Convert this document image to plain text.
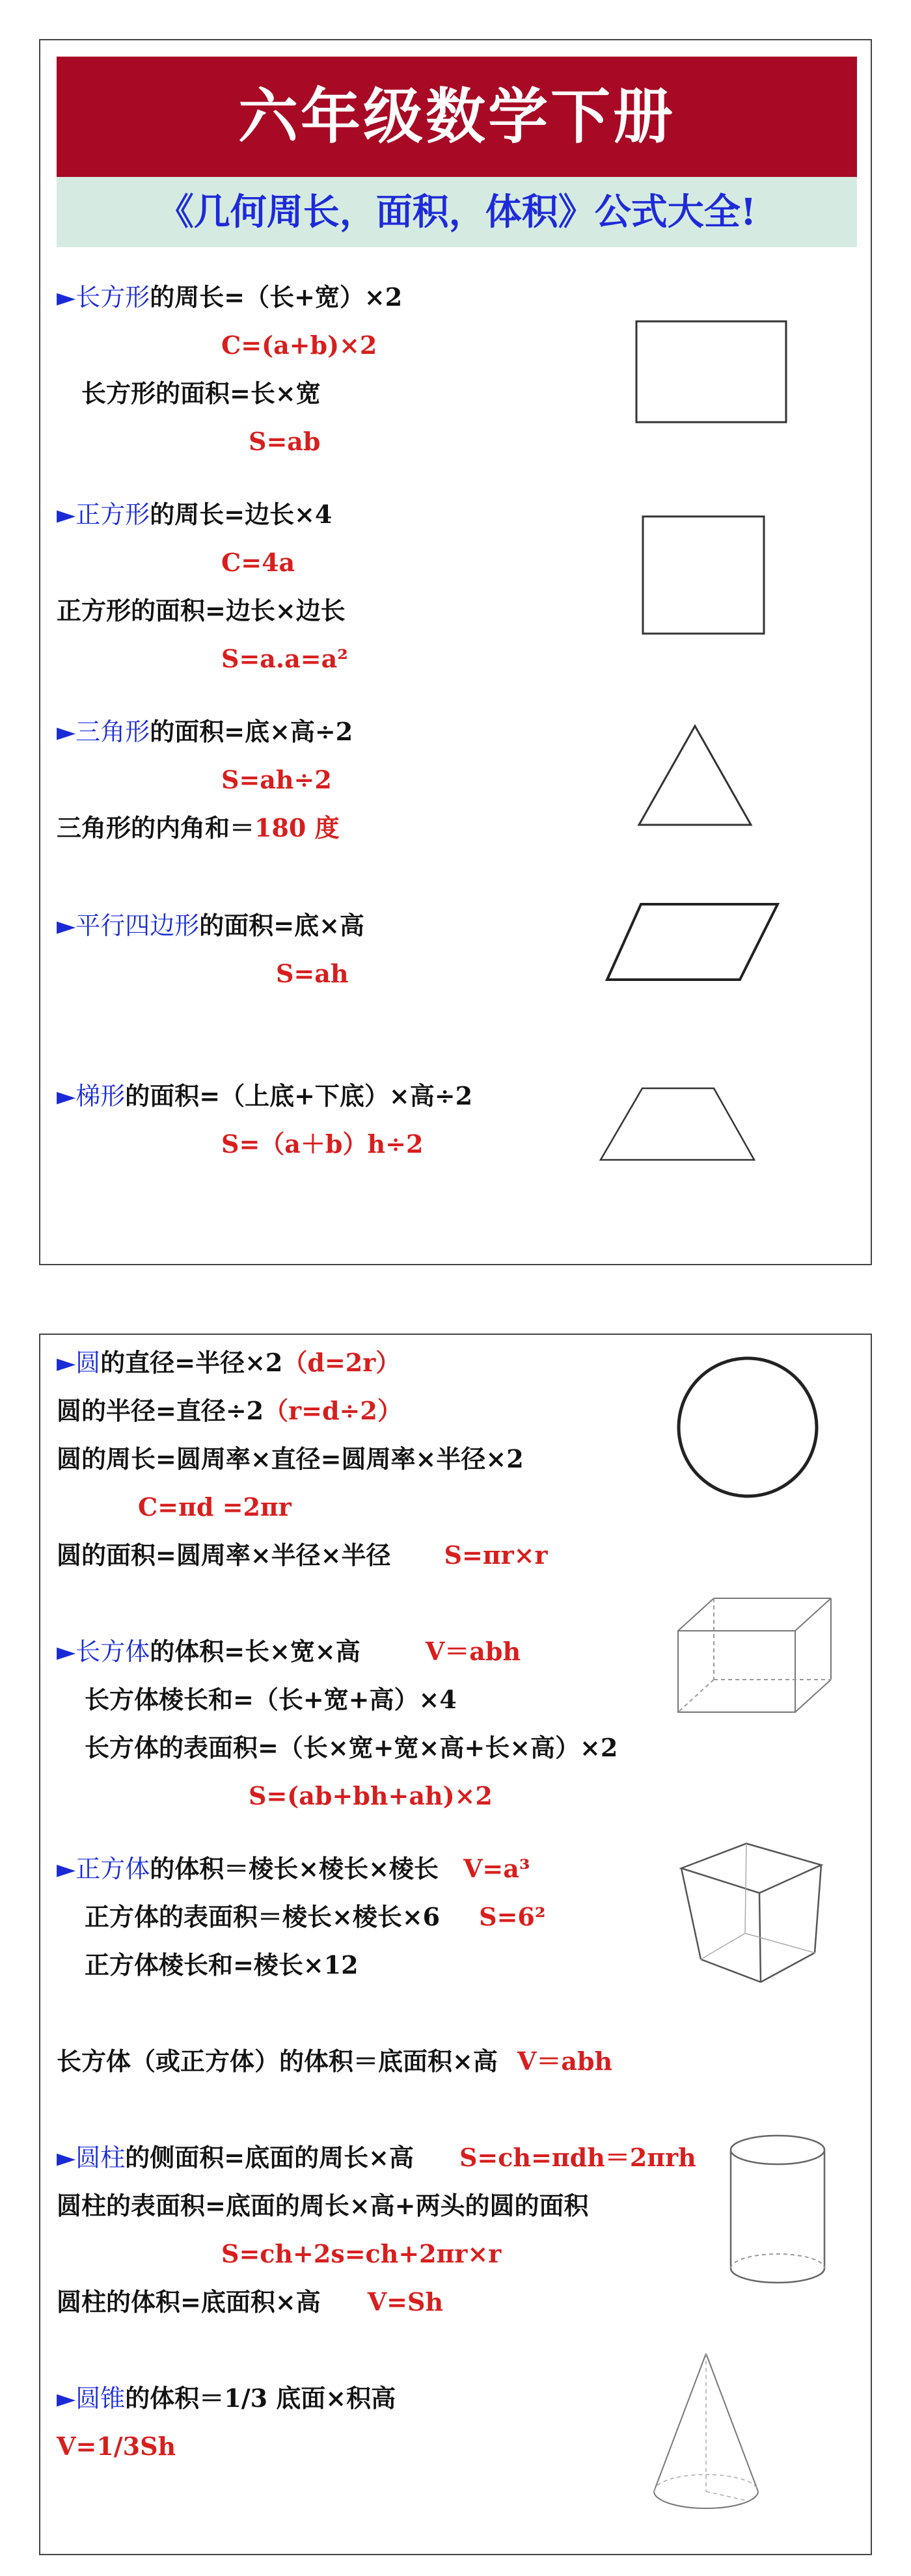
六年级数学下册
《几何周长，面积，体积》公式大全!
►长方形的周长=（长+宽）×2
C=(a+b)×2
长方形的面积=长×宽
S=ab
►正方形的周长=边长×4
C=4a
正方形的面积=边长×边长
S=a.a=a²
►三角形的面积=底×高÷2
S=ah÷2
三角形的内角和＝180 度
►平行四边形的面积=底×高
S=ah
►梯形的面积=（上底+下底）×高÷2
S=（a＋b）h÷2
►圆的直径=半径×2（d=2r）
圆的半径=直径÷2（r=d÷2）
圆的周长=圆周率×直径=圆周率×半径×2
C=πd =2πr
圆的面积=圆周率×半径×半径 S=πr×r
►长方体的体积=长×宽×高	V＝abh
长方体棱长和=（长+宽+高）×4
长方体的表面积=（长×宽+宽×高+长×高）×2
S=(ab+bh+ah)×2
►正方体的体积＝棱长×棱长×棱长 V=a³
正方体的表面积＝棱长×棱长×6 S=6²
正方体棱长和=棱长×12
长方体（或正方体）的体积＝底面积×高 V＝abh
►圆柱的侧面积=底面的周长×高 S=ch=πdh＝2πrh
圆柱的表面积=底面的周长×高+两头的圆的面积
S=ch+2s=ch+2πr×r
圆柱的体积=底面积×高 V=Sh
►圆锥的体积＝1/3 底面×积高
V=1/3Sh
